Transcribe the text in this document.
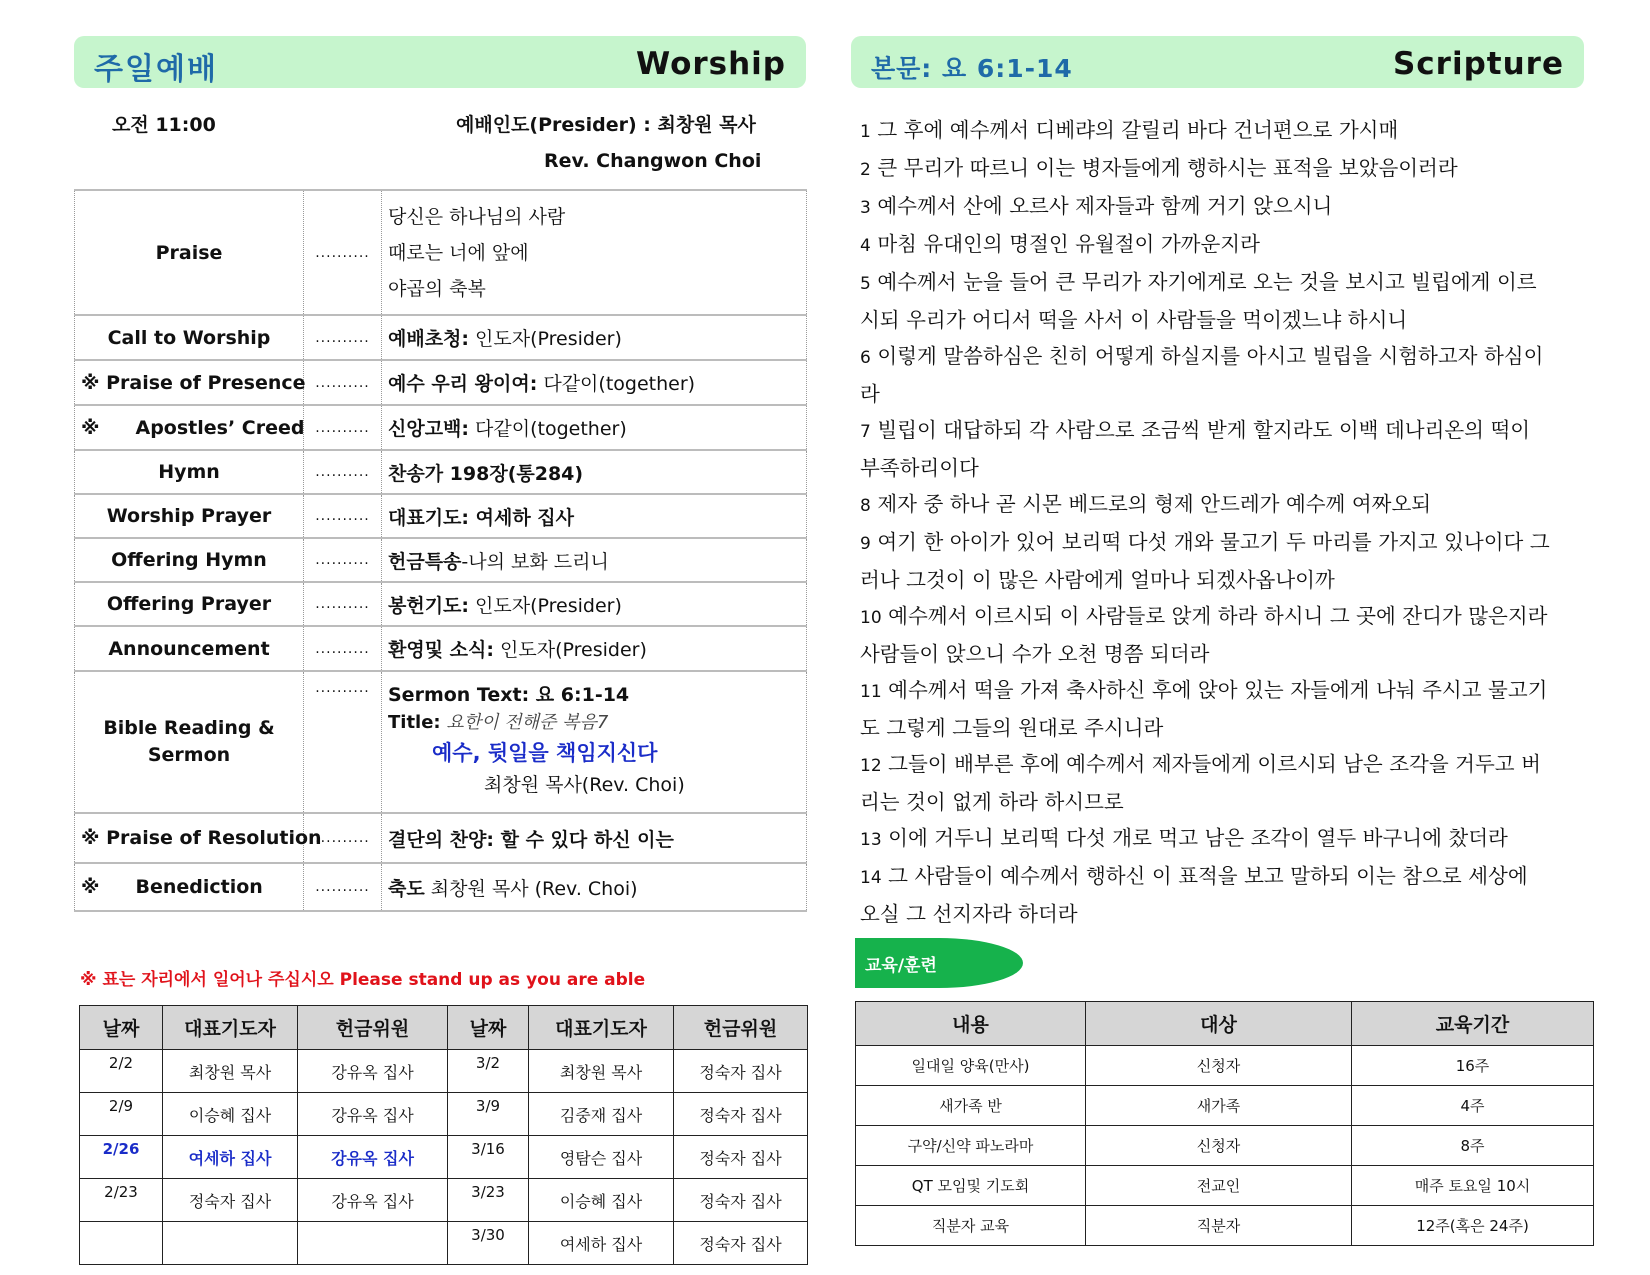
주일예배	Worship
오전 11:00	예배인도(Presider) : 최창원 목사
Rev. Changwon Choi
Praise	..........	당신은 하나님의 사람
때로는 너에 앞에
야곱의 축복

Call to Worship	..........	예배초청: 인도자(Presider)
※ Praise of Presence	..........	예수 우리 왕이여: 다같이(together)
※ Apostles’ Creed	..........	신앙고백: 다같이(together)
Hymn	..........	찬송가 198장(통284)
Worship Prayer	..........	대표기도: 여세하 집사
Offering Hymn	..........	헌금특송-나의 보화 드리니
Offering Prayer	..........	봉헌기도: 인도자(Presider)
Announcement	..........	환영및 소식: 인도자(Presider)
Bible Reading & Sermon	..........	Sermon Text: 요 6:1-14
Title: 요한이 전해준 복음7
예수, 뒷일을 책임지신다
최창원 목사(Rev. Choi)

※ Praise of Resolution	..........	결단의 찬양: 할 수 있다 하신 이는
※ Benediction	..........	축도 최창원 목사 (Rev. Choi)
※ 표는 자리에서 일어나 주십시오 Please stand up as you are able
날짜	대표기도자	헌금위원	날짜	대표기도자	헌금위원
2/2	최창원 목사	강유옥 집사	3/2	최창원 목사	정숙자 집사
2/9	이승혜 집사	강유옥 집사	3/9	김중재 집사	정숙자 집사
2/26	여세하 집사	강유옥 집사	3/16	영탐슨 집사	정숙자 집사
2/23	정숙자 집사	강유옥 집사	3/23	이승혜 집사	정숙자 집사
			3/30	여세하 집사	정숙자 집사
본문: 요 6:1-14	Scripture

1 그 후에 예수께서 디베랴의 갈릴리 바다 건너편으로 가시매

2 큰 무리가 따르니 이는 병자들에게 행하시는 표적을 보았음이러라

3 예수께서 산에 오르사 제자들과 함께 거기 앉으시니

4 마침 유대인의 명절인 유월절이 가까운지라

5 예수께서 눈을 들어 큰 무리가 자기에게로 오는 것을 보시고 빌립에게 이르

시되 우리가 어디서 떡을 사서 이 사람들을 먹이겠느냐 하시니

6 이렇게 말씀하심은 친히 어떻게 하실지를 아시고 빌립을 시험하고자 하심이

라

7 빌립이 대답하되 각 사람으로 조금씩 받게 할지라도 이백 데나리온의 떡이

부족하리이다

8 제자 중 하나 곧 시몬 베드로의 형제 안드레가 예수께 여짜오되

9 여기 한 아이가 있어 보리떡 다섯 개와 물고기 두 마리를 가지고 있나이다 그

러나 그것이 이 많은 사람에게 얼마나 되겠사옵나이까

10 예수께서 이르시되 이 사람들로 앉게 하라 하시니 그 곳에 잔디가 많은지라

사람들이 앉으니 수가 오천 명쯤 되더라

11 예수께서 떡을 가져 축사하신 후에 앉아 있는 자들에게 나눠 주시고 물고기

도 그렇게 그들의 원대로 주시니라

12 그들이 배부른 후에 예수께서 제자들에게 이르시되 남은 조각을 거두고 버

리는 것이 없게 하라 하시므로

13 이에 거두니 보리떡 다섯 개로 먹고 남은 조각이 열두 바구니에 찼더라

14 그 사람들이 예수께서 행하신 이 표적을 보고 말하되 이는 참으로 세상에

오실 그 선지자라 하더라

교육/훈련
내용	대상	교육기간
일대일 양육(만사)	신청자	16주
새가족 반	새가족	4주
구약/신약 파노라마	신청자	8주
QT 모임및 기도회	전교인	매주 토요일 10시
직분자 교육	직분자	12주(혹은 24주)
